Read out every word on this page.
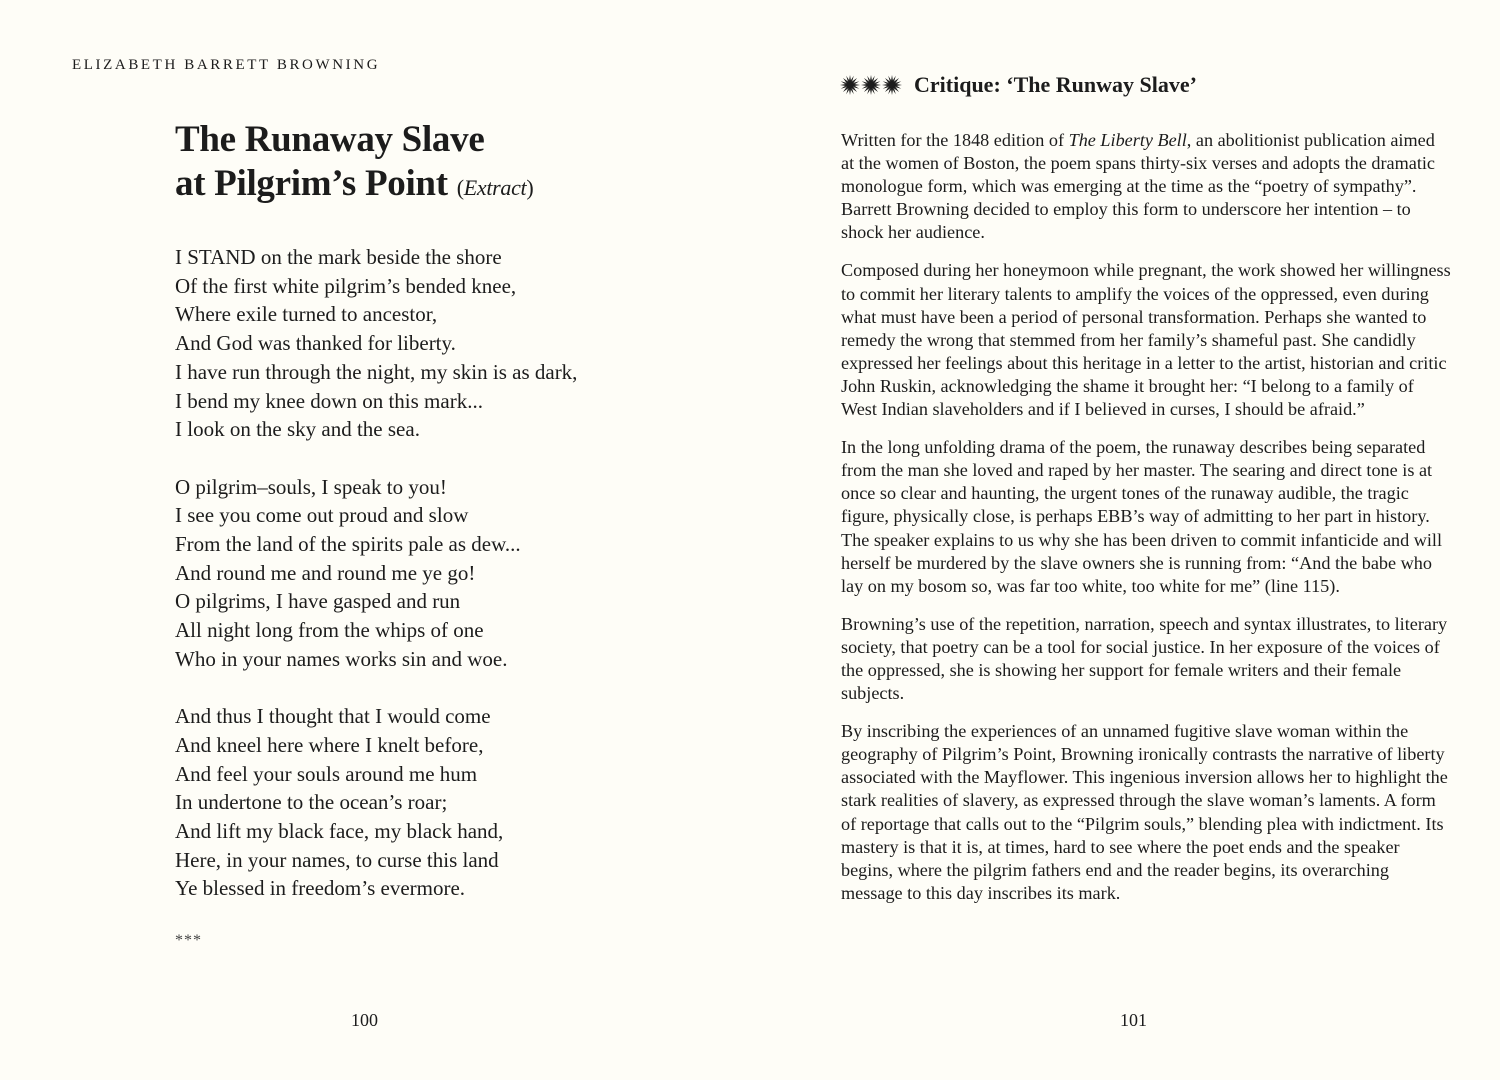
ELIZABETH BARRETT BROWNING
The Runaway Slave
at Pilgrim’s Point (Extract)
I STAND on the mark beside the shore
Of the first white pilgrim’s bended knee,
Where exile turned to ancestor,
And God was thanked for liberty.
I have run through the night, my skin is as dark,
I bend my knee down on this mark...
I look on the sky and the sea.
O pilgrim–souls, I speak to you!
I see you come out proud and slow
From the land of the spirits pale as dew...
And round me and round me ye go!
O pilgrims, I have gasped and run
All night long from the whips of one
Who in your names works sin and woe.
And thus I thought that I would come
And kneel here where I knelt before,
And feel your souls around me hum
In undertone to the ocean’s roar;
And lift my black face, my black hand,
Here, in your names, to curse this land
Ye blessed in freedom’s evermore.
***
100
Critique: ‘The Runway Slave’

Written for the 1848 edition of The Liberty Bell, an abolitionist publication aimed at the women of Boston, the poem spans thirty-six verses and adopts the dramatic monologue form, which was emerging at the time as the “poetry of sympathy”. Barrett Browning decided to employ this form to underscore her intention – to shock her audience.

Composed during her honeymoon while pregnant, the work showed her willingness to commit her literary talents to amplify the voices of the oppressed, even during what must have been a period of personal transformation. Perhaps she wanted to remedy the wrong that stemmed from her family’s shameful past. She candidly expressed her feelings about this heritage in a letter to the artist, historian and critic John Ruskin, acknowledging the shame it brought her: “I belong to a family of West Indian slaveholders and if I believed in curses, I should be afraid.”

In the long unfolding drama of the poem, the runaway describes being separated from the man she loved and raped by her master. The searing and direct tone is at once so clear and haunting, the urgent tones of the runaway audible, the tragic figure, physically close, is perhaps EBB’s way of admitting to her part in history. The speaker explains to us why she has been driven to commit infanticide and will herself be murdered by the slave owners she is running from: “And the babe who lay on my bosom so, was far too white, too white for me” (line 115).

Browning’s use of the repetition, narration, speech and syntax illustrates, to literary society, that poetry can be a tool for social justice. In her exposure of the voices of the oppressed, she is showing her support for female writers and their female subjects.

By inscribing the experiences of an unnamed fugitive slave woman within the geography of Pilgrim’s Point, Browning ironically contrasts the narrative of liberty associated with the Mayflower. This ingenious inversion allows her to highlight the stark realities of slavery, as expressed through the slave woman’s laments. A form of reportage that calls out to the “Pilgrim souls,” blending plea with indictment. Its mastery is that it is, at times, hard to see where the poet ends and the speaker begins, where the pilgrim fathers end and the reader begins, its overarching message to this day inscribes its mark.

101
